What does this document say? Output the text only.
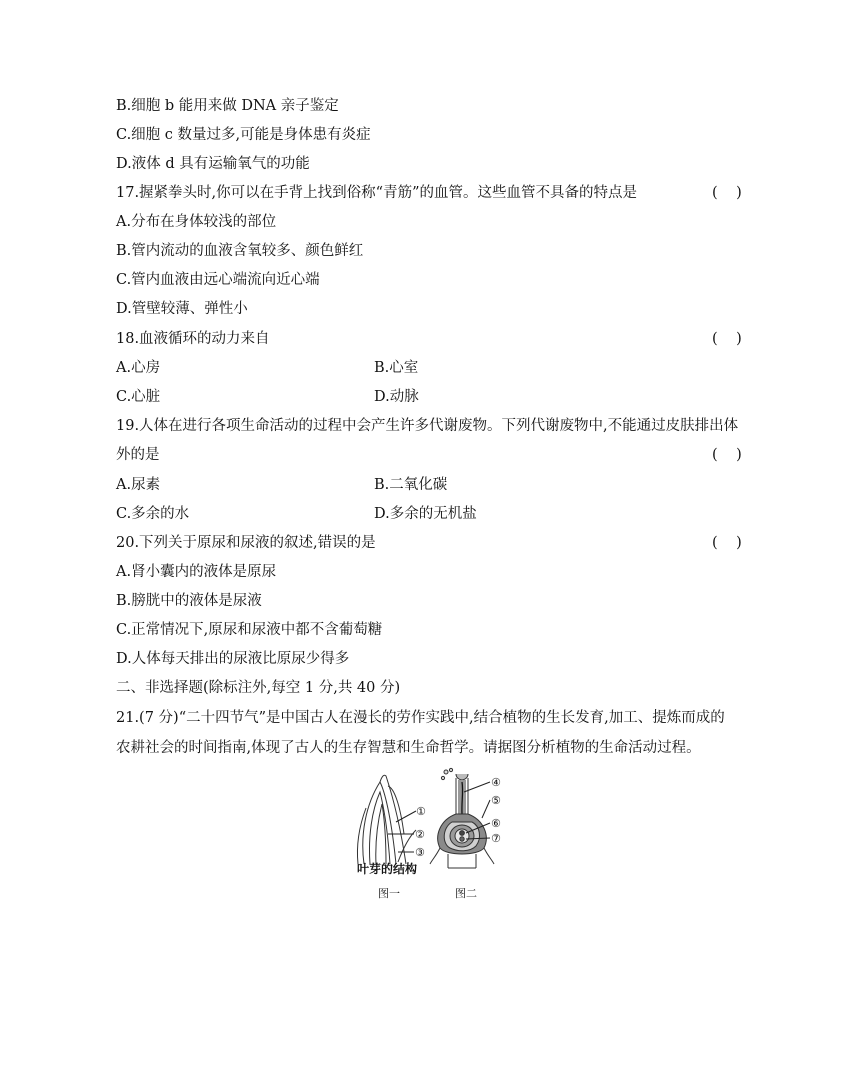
B.细胞 b 能用来做 DNA 亲子鉴定
C.细胞 c 数量过多,可能是身体患有炎症
D.液体 d 具有运输氧气的功能
17.握紧拳头时,你可以在手背上找到俗称“青筋”的血管。这些血管不具备的特点是	(    )
A.分布在身体较浅的部位
B.管内流动的血液含氧较多、颜色鲜红
C.管内血液由远心端流向近心端
D.管壁较薄、弹性小
18.血液循环的动力来自	(    )
A.心房	B.心室
C.心脏	D.动脉
19.人体在进行各项生命活动的过程中会产生许多代谢废物。下列代谢废物中,不能通过皮肤排出体
外的是	(    )
A.尿素	B.二氧化碳
C.多余的水	D.多余的无机盐
20.下列关于原尿和尿液的叙述,错误的是	(    )
A.肾小囊内的液体是原尿
B.膀胱中的液体是尿液
C.正常情况下,原尿和尿液中都不含葡萄糖
D.人体每天排出的尿液比原尿少得多
二、非选择题(除标注外,每空 1 分,共 40 分)
21.(7 分)“二十四节气”是中国古人在漫长的劳作实践中,结合植物的生长发育,加工、提炼而成的
农耕社会的时间指南,体现了古人的生存智慧和生命哲学。请据图分析植物的生命活动过程。
①
②
③
④
⑤
⑥
⑦
叶芽的结构
图一	图二
